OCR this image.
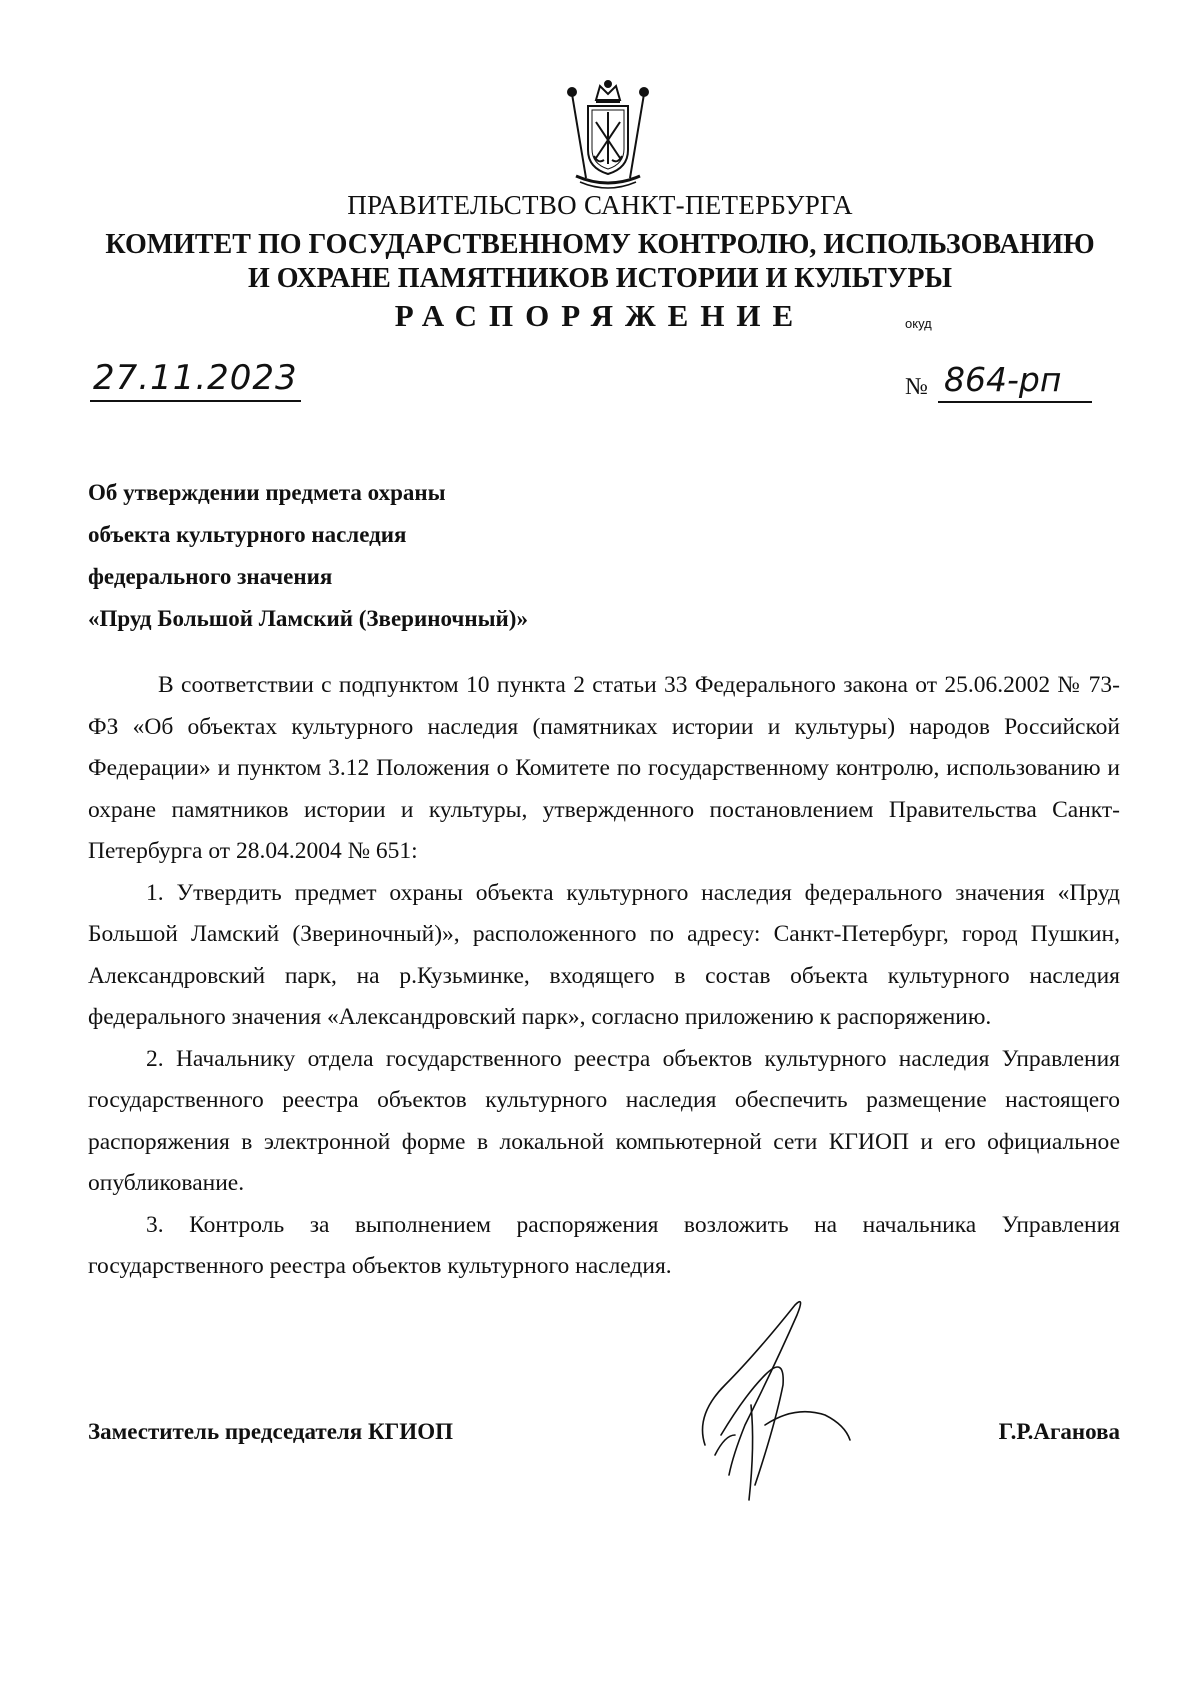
ПРАВИТЕЛЬСТВО САНКТ-ПЕТЕРБУРГА
КОМИТЕТ ПО ГОСУДАРСТВЕННОМУ КОНТРОЛЮ, ИСПОЛЬЗОВАНИЮ
И ОХРАНЕ ПАМЯТНИКОВ ИСТОРИИ И КУЛЬТУРЫ
РАСПОРЯЖЕНИЕ	окуд
27.11.2023	№ 864-рп
Об утверждении предмета охраны
объекта культурного наследия
федерального значения
«Пруд Большой Ламский (Звериночный)»

В соответствии с подпунктом 10 пункта 2 статьи 33 Федерального закона от 25.06.2002 № 73-ФЗ «Об объектах культурного наследия (памятниках истории и культуры) народов Российской Федерации» и пунктом 3.12 Положения о Комитете по государственному контролю, использованию и охране памятников истории и культуры, утвержденного постановлением Правительства Санкт-Петербурга от 28.04.2004 № 651:

1. Утвердить предмет охраны объекта культурного наследия федерального значения «Пруд Большой Ламский (Звериночный)», расположенного по адресу: Санкт-Петербург, город Пушкин, Александровский парк, на р.Кузьминке, входящего в состав объекта культурного наследия федерального значения «Александровский парк», согласно приложению к распоряжению.

2. Начальнику отдела государственного реестра объектов культурного наследия Управления государственного реестра объектов культурного наследия обеспечить размещение настоящего распоряжения в электронной форме в локальной компьютерной сети КГИОП и его официальное опубликование.

3. Контроль за выполнением распоряжения возложить на начальника Управления государственного реестра объектов культурного наследия.

Заместитель председателя КГИОП	Г.Р.Аганова
